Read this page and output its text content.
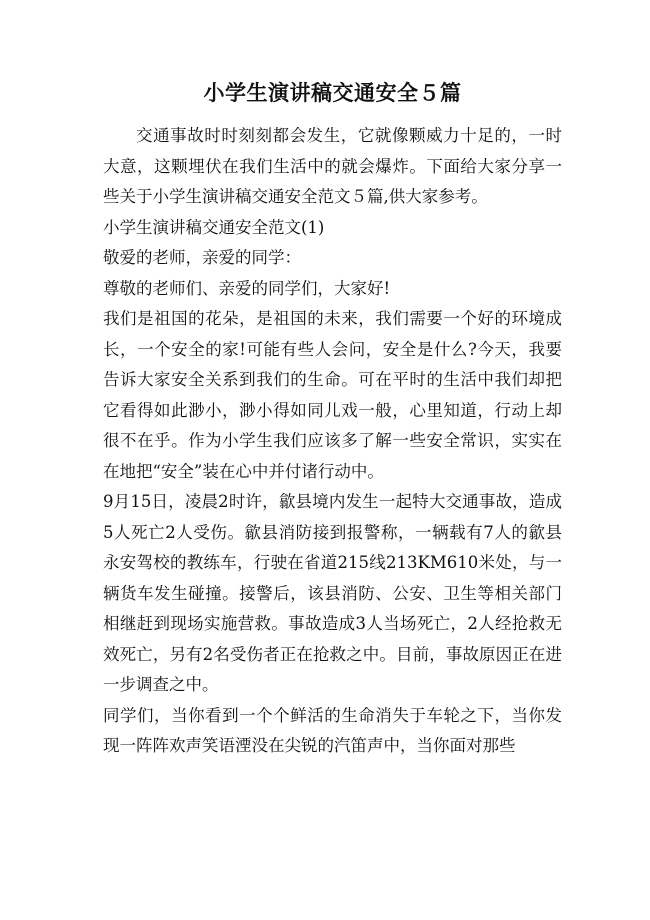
小学生演讲稿交通安全５篇

交通事故时时刻刻都会发生，它就像颗威力十足的，一时大意，这颗埋伏在我们生活中的就会爆炸。下面给大家分享一些关于小学生演讲稿交通安全范文５篇,供大家参考。

小学生演讲稿交通安全范文(1)

敬爱的老师，亲爱的同学：

尊敬的老师们、亲爱的同学们，大家好!

我们是祖国的花朵，是祖国的未来，我们需要一个好的环境成长，一个安全的家!可能有些人会问，安全是什么?今天，我要告诉大家安全关系到我们的生命。可在平时的生活中我们却把它看得如此渺小，渺小得如同儿戏一般，心里知道，行动上却很不在乎。作为小学生我们应该多了解一些安全常识，实实在在地把“安全”装在心中并付诸行动中。

9月15日，凌晨2时许，歙县境内发生一起特大交通事故，造成5人死亡2人受伤。歙县消防接到报警称，一辆载有7人的歙县永安驾校的教练车，行驶在省道215线213KM610米处，与一辆货车发生碰撞。接警后，该县消防、公安、卫生等相关部门相继赶到现场实施营救。事故造成3人当场死亡，2人经抢救无效死亡，另有2名受伤者正在抢救之中。目前，事故原因正在进一步调查之中。

同学们，当你看到一个个鲜活的生命消失于车轮之下，当你发现一阵阵欢声笑语湮没在尖锐的汽笛声中，当你面对那些
